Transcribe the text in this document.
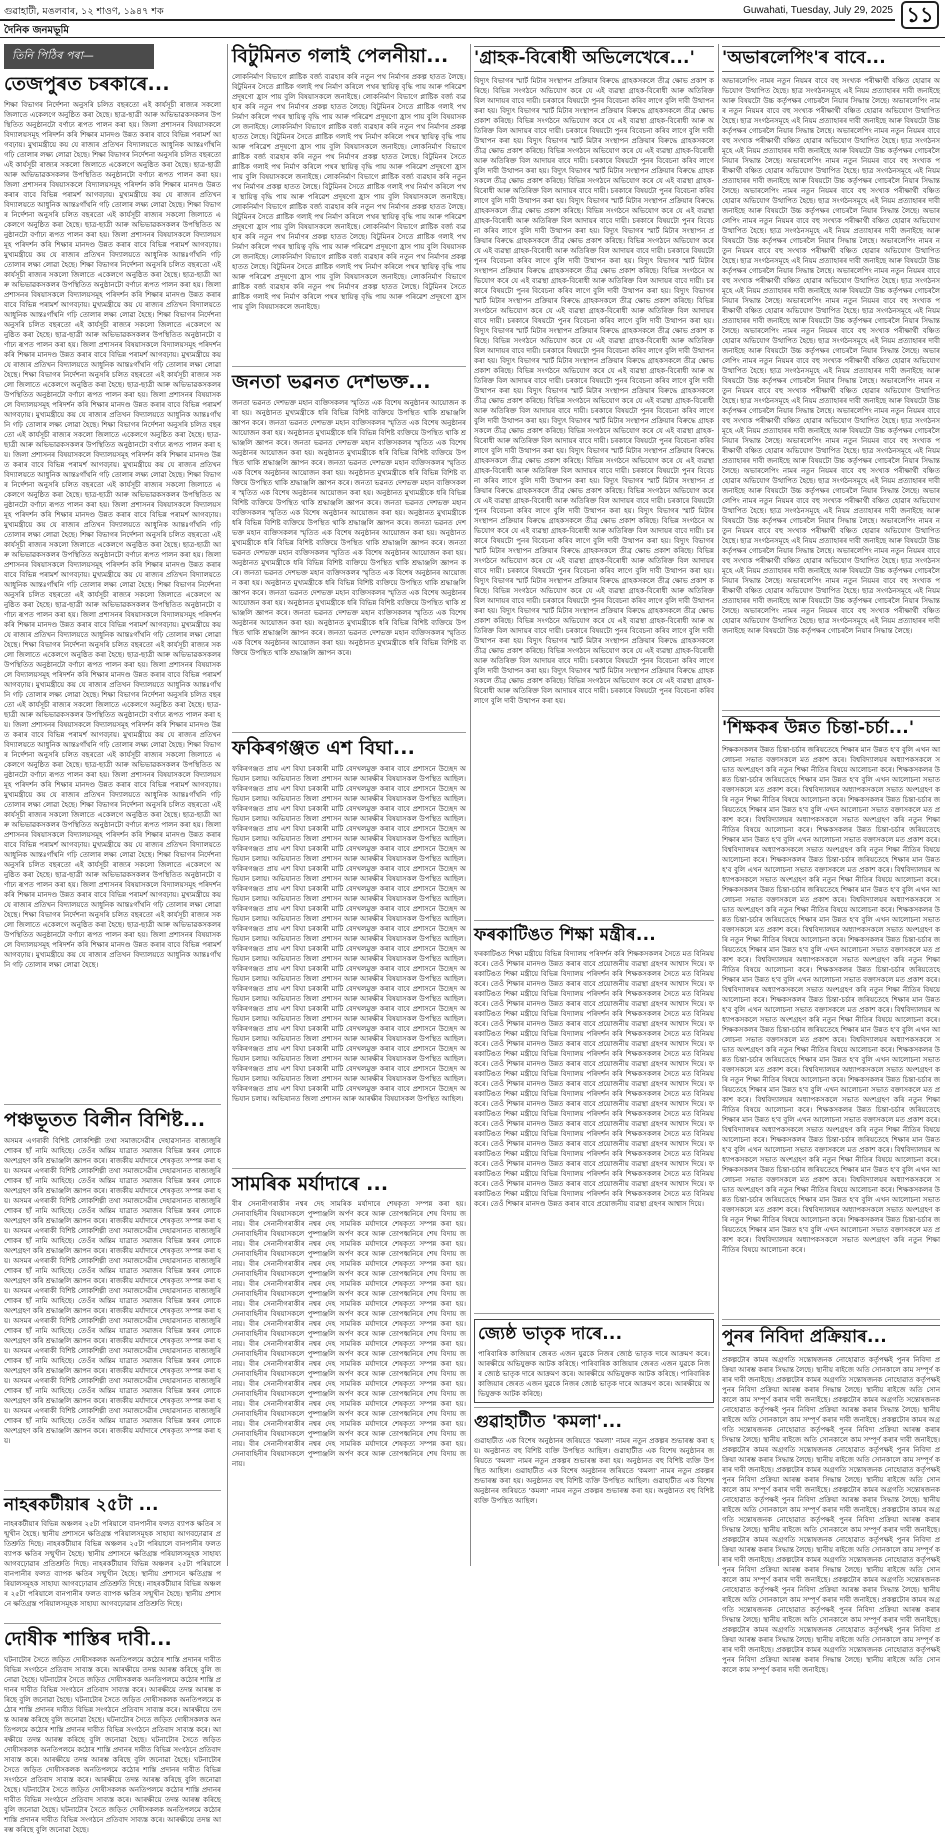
গুৱাহাটী, মঙলবাৰ, ১২ শাওণ, ১৯৪৭ শক
দৈনিক জনমভূমি
Guwahati, Tuesday, July 29, 2025 ১১
তিনি পিঠিৰ পৰা—
তেজপুৰত চৰকাৰে...
শিক্ষা বিভাগৰ নিৰ্দেশনা অনুসৰি চলিত বছৰতো এই কাৰ্যসূচী ৰাজ্যৰ সকলো জিলাতে একেলগে অনুষ্ঠিত কৰা হৈছে। ছাত্ৰ-ছাত্ৰী আৰু অভিভাৱকসকলৰ উপস্থিতিত অনুষ্ঠানটো বৰ্ণাঢ্য ৰূপত পালন কৰা হয়। জিলা প্ৰশাসনৰ বিষয়াসকলে বিদ্যালয়সমূহ পৰিদৰ্শন কৰি শিক্ষাৰ মানদণ্ড উন্নত কৰাৰ বাবে বিভিন্ন পৰামৰ্শ আগবঢ়ায়। মুখ্যমন্ত্ৰীয়ে কয় যে ৰাজ্যৰ প্ৰতিখন বিদ্যালয়তে আধুনিক আন্তঃগাঁথনি গঢ়ি তোলাৰ লক্ষ্য লোৱা হৈছে। শিক্ষা বিভাগৰ নিৰ্দেশনা অনুসৰি চলিত বছৰতো এই কাৰ্যসূচী ৰাজ্যৰ সকলো জিলাতে একেলগে অনুষ্ঠিত কৰা হৈছে। ছাত্ৰ-ছাত্ৰী আৰু অভিভাৱকসকলৰ উপস্থিতিত অনুষ্ঠানটো বৰ্ণাঢ্য ৰূপত পালন কৰা হয়। জিলা প্ৰশাসনৰ বিষয়াসকলে বিদ্যালয়সমূহ পৰিদৰ্শন কৰি শিক্ষাৰ মানদণ্ড উন্নত কৰাৰ বাবে বিভিন্ন পৰামৰ্শ আগবঢ়ায়। মুখ্যমন্ত্ৰীয়ে কয় যে ৰাজ্যৰ প্ৰতিখন বিদ্যালয়তে আধুনিক আন্তঃগাঁথনি গঢ়ি তোলাৰ লক্ষ্য লোৱা হৈছে। শিক্ষা বিভাগৰ নিৰ্দেশনা অনুসৰি চলিত বছৰতো এই কাৰ্যসূচী ৰাজ্যৰ সকলো জিলাতে একেলগে অনুষ্ঠিত কৰা হৈছে। ছাত্ৰ-ছাত্ৰী আৰু অভিভাৱকসকলৰ উপস্থিতিত অনুষ্ঠানটো বৰ্ণাঢ্য ৰূপত পালন কৰা হয়। জিলা প্ৰশাসনৰ বিষয়াসকলে বিদ্যালয়সমূহ পৰিদৰ্শন কৰি শিক্ষাৰ মানদণ্ড উন্নত কৰাৰ বাবে বিভিন্ন পৰামৰ্শ আগবঢ়ায়। মুখ্যমন্ত্ৰীয়ে কয় যে ৰাজ্যৰ প্ৰতিখন বিদ্যালয়তে আধুনিক আন্তঃগাঁথনি গঢ়ি তোলাৰ লক্ষ্য লোৱা হৈছে। শিক্ষা বিভাগৰ নিৰ্দেশনা অনুসৰি চলিত বছৰতো এই কাৰ্যসূচী ৰাজ্যৰ সকলো জিলাতে একেলগে অনুষ্ঠিত কৰা হৈছে। ছাত্ৰ-ছাত্ৰী আৰু অভিভাৱকসকলৰ উপস্থিতিত অনুষ্ঠানটো বৰ্ণাঢ্য ৰূপত পালন কৰা হয়। জিলা প্ৰশাসনৰ বিষয়াসকলে বিদ্যালয়সমূহ পৰিদৰ্শন কৰি শিক্ষাৰ মানদণ্ড উন্নত কৰাৰ বাবে বিভিন্ন পৰামৰ্শ আগবঢ়ায়। মুখ্যমন্ত্ৰীয়ে কয় যে ৰাজ্যৰ প্ৰতিখন বিদ্যালয়তে আধুনিক আন্তঃগাঁথনি গঢ়ি তোলাৰ লক্ষ্য লোৱা হৈছে। শিক্ষা বিভাগৰ নিৰ্দেশনা অনুসৰি চলিত বছৰতো এই কাৰ্যসূচী ৰাজ্যৰ সকলো জিলাতে একেলগে অনুষ্ঠিত কৰা হৈছে। ছাত্ৰ-ছাত্ৰী আৰু অভিভাৱকসকলৰ উপস্থিতিত অনুষ্ঠানটো বৰ্ণাঢ্য ৰূপত পালন কৰা হয়। জিলা প্ৰশাসনৰ বিষয়াসকলে বিদ্যালয়সমূহ পৰিদৰ্শন কৰি শিক্ষাৰ মানদণ্ড উন্নত কৰাৰ বাবে বিভিন্ন পৰামৰ্শ আগবঢ়ায়। মুখ্যমন্ত্ৰীয়ে কয় যে ৰাজ্যৰ প্ৰতিখন বিদ্যালয়তে আধুনিক আন্তঃগাঁথনি গঢ়ি তোলাৰ লক্ষ্য লোৱা হৈছে। শিক্ষা বিভাগৰ নিৰ্দেশনা অনুসৰি চলিত বছৰতো এই কাৰ্যসূচী ৰাজ্যৰ সকলো জিলাতে একেলগে অনুষ্ঠিত কৰা হৈছে। ছাত্ৰ-ছাত্ৰী আৰু অভিভাৱকসকলৰ উপস্থিতিত অনুষ্ঠানটো বৰ্ণাঢ্য ৰূপত পালন কৰা হয়। জিলা প্ৰশাসনৰ বিষয়াসকলে বিদ্যালয়সমূহ পৰিদৰ্শন কৰি শিক্ষাৰ মানদণ্ড উন্নত কৰাৰ বাবে বিভিন্ন পৰামৰ্শ আগবঢ়ায়। মুখ্যমন্ত্ৰীয়ে কয় যে ৰাজ্যৰ প্ৰতিখন বিদ্যালয়তে আধুনিক আন্তঃগাঁথনি গঢ়ি তোলাৰ লক্ষ্য লোৱা হৈছে। শিক্ষা বিভাগৰ নিৰ্দেশনা অনুসৰি চলিত বছৰতো এই কাৰ্যসূচী ৰাজ্যৰ সকলো জিলাতে একেলগে অনুষ্ঠিত কৰা হৈছে। ছাত্ৰ-ছাত্ৰী আৰু অভিভাৱকসকলৰ উপস্থিতিত অনুষ্ঠানটো বৰ্ণাঢ্য ৰূপত পালন কৰা হয়। জিলা প্ৰশাসনৰ বিষয়াসকলে বিদ্যালয়সমূহ পৰিদৰ্শন কৰি শিক্ষাৰ মানদণ্ড উন্নত কৰাৰ বাবে বিভিন্ন পৰামৰ্শ আগবঢ়ায়। মুখ্যমন্ত্ৰীয়ে কয় যে ৰাজ্যৰ প্ৰতিখন বিদ্যালয়তে আধুনিক আন্তঃগাঁথনি গঢ়ি তোলাৰ লক্ষ্য লোৱা হৈছে। শিক্ষা বিভাগৰ নিৰ্দেশনা অনুসৰি চলিত বছৰতো এই কাৰ্যসূচী ৰাজ্যৰ সকলো জিলাতে একেলগে অনুষ্ঠিত কৰা হৈছে। ছাত্ৰ-ছাত্ৰী আৰু অভিভাৱকসকলৰ উপস্থিতিত অনুষ্ঠানটো বৰ্ণাঢ্য ৰূপত পালন কৰা হয়। জিলা প্ৰশাসনৰ বিষয়াসকলে বিদ্যালয়সমূহ পৰিদৰ্শন কৰি শিক্ষাৰ মানদণ্ড উন্নত কৰাৰ বাবে বিভিন্ন পৰামৰ্শ আগবঢ়ায়। মুখ্যমন্ত্ৰীয়ে কয় যে ৰাজ্যৰ প্ৰতিখন বিদ্যালয়তে আধুনিক আন্তঃগাঁথনি গঢ়ি তোলাৰ লক্ষ্য লোৱা হৈছে। শিক্ষা বিভাগৰ নিৰ্দেশনা অনুসৰি চলিত বছৰতো এই কাৰ্যসূচী ৰাজ্যৰ সকলো জিলাতে একেলগে অনুষ্ঠিত কৰা হৈছে। ছাত্ৰ-ছাত্ৰী আৰু অভিভাৱকসকলৰ উপস্থিতিত অনুষ্ঠানটো বৰ্ণাঢ্য ৰূপত পালন কৰা হয়। জিলা প্ৰশাসনৰ বিষয়াসকলে বিদ্যালয়সমূহ পৰিদৰ্শন কৰি শিক্ষাৰ মানদণ্ড উন্নত কৰাৰ বাবে বিভিন্ন পৰামৰ্শ আগবঢ়ায়। মুখ্যমন্ত্ৰীয়ে কয় যে ৰাজ্যৰ প্ৰতিখন বিদ্যালয়তে আধুনিক আন্তঃগাঁথনি গঢ়ি তোলাৰ লক্ষ্য লোৱা হৈছে। শিক্ষা বিভাগৰ নিৰ্দেশনা অনুসৰি চলিত বছৰতো এই কাৰ্যসূচী ৰাজ্যৰ সকলো জিলাতে একেলগে অনুষ্ঠিত কৰা হৈছে। ছাত্ৰ-ছাত্ৰী আৰু অভিভাৱকসকলৰ উপস্থিতিত অনুষ্ঠানটো বৰ্ণাঢ্য ৰূপত পালন কৰা হয়। জিলা প্ৰশাসনৰ বিষয়াসকলে বিদ্যালয়সমূহ পৰিদৰ্শন কৰি শিক্ষাৰ মানদণ্ড উন্নত কৰাৰ বাবে বিভিন্ন পৰামৰ্শ আগবঢ়ায়। মুখ্যমন্ত্ৰীয়ে কয় যে ৰাজ্যৰ প্ৰতিখন বিদ্যালয়তে আধুনিক আন্তঃগাঁথনি গঢ়ি তোলাৰ লক্ষ্য লোৱা হৈছে। শিক্ষা বিভাগৰ নিৰ্দেশনা অনুসৰি চলিত বছৰতো এই কাৰ্যসূচী ৰাজ্যৰ সকলো জিলাতে একেলগে অনুষ্ঠিত কৰা হৈছে। ছাত্ৰ-ছাত্ৰী আৰু অভিভাৱকসকলৰ উপস্থিতিত অনুষ্ঠানটো বৰ্ণাঢ্য ৰূপত পালন কৰা হয়। জিলা প্ৰশাসনৰ বিষয়াসকলে বিদ্যালয়সমূহ পৰিদৰ্শন কৰি শিক্ষাৰ মানদণ্ড উন্নত কৰাৰ বাবে বিভিন্ন পৰামৰ্শ আগবঢ়ায়। মুখ্যমন্ত্ৰীয়ে কয় যে ৰাজ্যৰ প্ৰতিখন বিদ্যালয়তে আধুনিক আন্তঃগাঁথনি গঢ়ি তোলাৰ লক্ষ্য লোৱা হৈছে। শিক্ষা বিভাগৰ নিৰ্দেশনা অনুসৰি চলিত বছৰতো এই কাৰ্যসূচী ৰাজ্যৰ সকলো জিলাতে একেলগে অনুষ্ঠিত কৰা হৈছে। ছাত্ৰ-ছাত্ৰী আৰু অভিভাৱকসকলৰ উপস্থিতিত অনুষ্ঠানটো বৰ্ণাঢ্য ৰূপত পালন কৰা হয়। জিলা প্ৰশাসনৰ বিষয়াসকলে বিদ্যালয়সমূহ পৰিদৰ্শন কৰি শিক্ষাৰ মানদণ্ড উন্নত কৰাৰ বাবে বিভিন্ন পৰামৰ্শ আগবঢ়ায়। মুখ্যমন্ত্ৰীয়ে কয় যে ৰাজ্যৰ প্ৰতিখন বিদ্যালয়তে আধুনিক আন্তঃগাঁথনি গঢ়ি তোলাৰ লক্ষ্য লোৱা হৈছে। শিক্ষা বিভাগৰ নিৰ্দেশনা অনুসৰি চলিত বছৰতো এই কাৰ্যসূচী ৰাজ্যৰ সকলো জিলাতে একেলগে অনুষ্ঠিত কৰা হৈছে। ছাত্ৰ-ছাত্ৰী আৰু অভিভাৱকসকলৰ উপস্থিতিত অনুষ্ঠানটো বৰ্ণাঢ্য ৰূপত পালন কৰা হয়। জিলা প্ৰশাসনৰ বিষয়াসকলে বিদ্যালয়সমূহ পৰিদৰ্শন কৰি শিক্ষাৰ মানদণ্ড উন্নত কৰাৰ বাবে বিভিন্ন পৰামৰ্শ আগবঢ়ায়। মুখ্যমন্ত্ৰীয়ে কয় যে ৰাজ্যৰ প্ৰতিখন বিদ্যালয়তে আধুনিক আন্তঃগাঁথনি গঢ়ি তোলাৰ লক্ষ্য লোৱা হৈছে। শিক্ষা বিভাগৰ নিৰ্দেশনা অনুসৰি চলিত বছৰতো এই কাৰ্যসূচী ৰাজ্যৰ সকলো জিলাতে একেলগে অনুষ্ঠিত কৰা হৈছে। ছাত্ৰ-ছাত্ৰী আৰু অভিভাৱকসকলৰ উপস্থিতিত অনুষ্ঠানটো বৰ্ণাঢ্য ৰূপত পালন কৰা হয়। জিলা প্ৰশাসনৰ বিষয়াসকলে বিদ্যালয়সমূহ পৰিদৰ্শন কৰি শিক্ষাৰ মানদণ্ড উন্নত কৰাৰ বাবে বিভিন্ন পৰামৰ্শ আগবঢ়ায়। মুখ্যমন্ত্ৰীয়ে কয় যে ৰাজ্যৰ প্ৰতিখন বিদ্যালয়তে আধুনিক আন্তঃগাঁথনি গঢ়ি তোলাৰ লক্ষ্য লোৱা হৈছে। শিক্ষা বিভাগৰ নিৰ্দেশনা অনুসৰি চলিত বছৰতো এই কাৰ্যসূচী ৰাজ্যৰ সকলো জিলাতে একেলগে অনুষ্ঠিত কৰা হৈছে। ছাত্ৰ-ছাত্ৰী আৰু অভিভাৱকসকলৰ উপস্থিতিত অনুষ্ঠানটো বৰ্ণাঢ্য ৰূপত পালন কৰা হয়। জিলা প্ৰশাসনৰ বিষয়াসকলে বিদ্যালয়সমূহ পৰিদৰ্শন কৰি শিক্ষাৰ মানদণ্ড উন্নত কৰাৰ বাবে বিভিন্ন পৰামৰ্শ আগবঢ়ায়। মুখ্যমন্ত্ৰীয়ে কয় যে ৰাজ্যৰ প্ৰতিখন বিদ্যালয়তে আধুনিক আন্তঃগাঁথনি গঢ়ি তোলাৰ লক্ষ্য লোৱা হৈছে। শিক্ষা বিভাগৰ নিৰ্দেশনা অনুসৰি চলিত বছৰতো এই কাৰ্যসূচী ৰাজ্যৰ সকলো জিলাতে একেলগে অনুষ্ঠিত কৰা হৈছে। ছাত্ৰ-ছাত্ৰী আৰু অভিভাৱকসকলৰ উপস্থিতিত অনুষ্ঠানটো বৰ্ণাঢ্য ৰূপত পালন কৰা হয়। জিলা প্ৰশাসনৰ বিষয়াসকলে বিদ্যালয়সমূহ পৰিদৰ্শন কৰি শিক্ষাৰ মানদণ্ড উন্নত কৰাৰ বাবে বিভিন্ন পৰামৰ্শ আগবঢ়ায়। মুখ্যমন্ত্ৰীয়ে কয় যে ৰাজ্যৰ প্ৰতিখন বিদ্যালয়তে আধুনিক আন্তঃগাঁথনি গঢ়ি তোলাৰ লক্ষ্য লোৱা হৈছে।
পঞ্চভূতত বিলীন বিশিষ্ট...
অসমৰ এগৰাকী বিশিষ্ট লোকশিল্পী তথা সমাজসেৱীৰ দেহাৱসানত ৰাজ্যজুৰি শোকৰ ছাঁ নামি আহিছে। তেওঁৰ অন্তিম যাত্ৰাত সমাজৰ বিভিন্ন স্তৰৰ লোকে অংশগ্ৰহণ কৰি শ্ৰদ্ধাঞ্জলি জ্ঞাপন কৰে। ৰাজকীয় মৰ্যাদাৰে শেষকৃত্য সম্পন্ন কৰা হয়। অসমৰ এগৰাকী বিশিষ্ট লোকশিল্পী তথা সমাজসেৱীৰ দেহাৱসানত ৰাজ্যজুৰি শোকৰ ছাঁ নামি আহিছে। তেওঁৰ অন্তিম যাত্ৰাত সমাজৰ বিভিন্ন স্তৰৰ লোকে অংশগ্ৰহণ কৰি শ্ৰদ্ধাঞ্জলি জ্ঞাপন কৰে। ৰাজকীয় মৰ্যাদাৰে শেষকৃত্য সম্পন্ন কৰা হয়। অসমৰ এগৰাকী বিশিষ্ট লোকশিল্পী তথা সমাজসেৱীৰ দেহাৱসানত ৰাজ্যজুৰি শোকৰ ছাঁ নামি আহিছে। তেওঁৰ অন্তিম যাত্ৰাত সমাজৰ বিভিন্ন স্তৰৰ লোকে অংশগ্ৰহণ কৰি শ্ৰদ্ধাঞ্জলি জ্ঞাপন কৰে। ৰাজকীয় মৰ্যাদাৰে শেষকৃত্য সম্পন্ন কৰা হয়। অসমৰ এগৰাকী বিশিষ্ট লোকশিল্পী তথা সমাজসেৱীৰ দেহাৱসানত ৰাজ্যজুৰি শোকৰ ছাঁ নামি আহিছে। তেওঁৰ অন্তিম যাত্ৰাত সমাজৰ বিভিন্ন স্তৰৰ লোকে অংশগ্ৰহণ কৰি শ্ৰদ্ধাঞ্জলি জ্ঞাপন কৰে। ৰাজকীয় মৰ্যাদাৰে শেষকৃত্য সম্পন্ন কৰা হয়। অসমৰ এগৰাকী বিশিষ্ট লোকশিল্পী তথা সমাজসেৱীৰ দেহাৱসানত ৰাজ্যজুৰি শোকৰ ছাঁ নামি আহিছে। তেওঁৰ অন্তিম যাত্ৰাত সমাজৰ বিভিন্ন স্তৰৰ লোকে অংশগ্ৰহণ কৰি শ্ৰদ্ধাঞ্জলি জ্ঞাপন কৰে। ৰাজকীয় মৰ্যাদাৰে শেষকৃত্য সম্পন্ন কৰা হয়। অসমৰ এগৰাকী বিশিষ্ট লোকশিল্পী তথা সমাজসেৱীৰ দেহাৱসানত ৰাজ্যজুৰি শোকৰ ছাঁ নামি আহিছে। তেওঁৰ অন্তিম যাত্ৰাত সমাজৰ বিভিন্ন স্তৰৰ লোকে অংশগ্ৰহণ কৰি শ্ৰদ্ধাঞ্জলি জ্ঞাপন কৰে। ৰাজকীয় মৰ্যাদাৰে শেষকৃত্য সম্পন্ন কৰা হয়। অসমৰ এগৰাকী বিশিষ্ট লোকশিল্পী তথা সমাজসেৱীৰ দেহাৱসানত ৰাজ্যজুৰি শোকৰ ছাঁ নামি আহিছে। তেওঁৰ অন্তিম যাত্ৰাত সমাজৰ বিভিন্ন স্তৰৰ লোকে অংশগ্ৰহণ কৰি শ্ৰদ্ধাঞ্জলি জ্ঞাপন কৰে। ৰাজকীয় মৰ্যাদাৰে শেষকৃত্য সম্পন্ন কৰা হয়। অসমৰ এগৰাকী বিশিষ্ট লোকশিল্পী তথা সমাজসেৱীৰ দেহাৱসানত ৰাজ্যজুৰি শোকৰ ছাঁ নামি আহিছে। তেওঁৰ অন্তিম যাত্ৰাত সমাজৰ বিভিন্ন স্তৰৰ লোকে অংশগ্ৰহণ কৰি শ্ৰদ্ধাঞ্জলি জ্ঞাপন কৰে। ৰাজকীয় মৰ্যাদাৰে শেষকৃত্য সম্পন্ন কৰা হয়। অসমৰ এগৰাকী বিশিষ্ট লোকশিল্পী তথা সমাজসেৱীৰ দেহাৱসানত ৰাজ্যজুৰি শোকৰ ছাঁ নামি আহিছে। তেওঁৰ অন্তিম যাত্ৰাত সমাজৰ বিভিন্ন স্তৰৰ লোকে অংশগ্ৰহণ কৰি শ্ৰদ্ধাঞ্জলি জ্ঞাপন কৰে। ৰাজকীয় মৰ্যাদাৰে শেষকৃত্য সম্পন্ন কৰা হয়। অসমৰ এগৰাকী বিশিষ্ট লোকশিল্পী তথা সমাজসেৱীৰ দেহাৱসানত ৰাজ্যজুৰি শোকৰ ছাঁ নামি আহিছে। তেওঁৰ অন্তিম যাত্ৰাত সমাজৰ বিভিন্ন স্তৰৰ লোকে অংশগ্ৰহণ কৰি শ্ৰদ্ধাঞ্জলি জ্ঞাপন কৰে। ৰাজকীয় মৰ্যাদাৰে শেষকৃত্য সম্পন্ন কৰা হয়।
নাহৰকটীয়াৰ ২৫টা ...
নাহৰকটীয়াৰ বিভিন্ন অঞ্চলৰ ২৫টা পৰিয়ালে বানপানীৰ ফলত ব্যাপক ক্ষতিৰ সন্মুখীন হৈছে। স্থানীয় প্ৰশাসনে ক্ষতিগ্ৰস্ত পৰিয়ালসমূহক সাহায্য আগবঢ়োৱাৰ প্ৰতিশ্ৰুতি দিছে। নাহৰকটীয়াৰ বিভিন্ন অঞ্চলৰ ২৫টা পৰিয়ালে বানপানীৰ ফলত ব্যাপক ক্ষতিৰ সন্মুখীন হৈছে। স্থানীয় প্ৰশাসনে ক্ষতিগ্ৰস্ত পৰিয়ালসমূহক সাহায্য আগবঢ়োৱাৰ প্ৰতিশ্ৰুতি দিছে। নাহৰকটীয়াৰ বিভিন্ন অঞ্চলৰ ২৫টা পৰিয়ালে বানপানীৰ ফলত ব্যাপক ক্ষতিৰ সন্মুখীন হৈছে। স্থানীয় প্ৰশাসনে ক্ষতিগ্ৰস্ত পৰিয়ালসমূহক সাহায্য আগবঢ়োৱাৰ প্ৰতিশ্ৰুতি দিছে। নাহৰকটীয়াৰ বিভিন্ন অঞ্চলৰ ২৫টা পৰিয়ালে বানপানীৰ ফলত ব্যাপক ক্ষতিৰ সন্মুখীন হৈছে। স্থানীয় প্ৰশাসনে ক্ষতিগ্ৰস্ত পৰিয়ালসমূহক সাহায্য আগবঢ়োৱাৰ প্ৰতিশ্ৰুতি দিছে।
দোষীক শাস্তিৰ দাবী...
ঘটনাটোৰ সৈতে জড়িত দোষীসকলক অনতিপলমে কঠোৰ শাস্তি প্ৰদানৰ দাবীত বিভিন্ন সংগঠনে প্ৰতিবাদ সাব্যস্ত কৰে। আৰক্ষীয়ে তদন্ত আৰম্ভ কৰিছে বুলি জনোৱা হৈছে। ঘটনাটোৰ সৈতে জড়িত দোষীসকলক অনতিপলমে কঠোৰ শাস্তি প্ৰদানৰ দাবীত বিভিন্ন সংগঠনে প্ৰতিবাদ সাব্যস্ত কৰে। আৰক্ষীয়ে তদন্ত আৰম্ভ কৰিছে বুলি জনোৱা হৈছে। ঘটনাটোৰ সৈতে জড়িত দোষীসকলক অনতিপলমে কঠোৰ শাস্তি প্ৰদানৰ দাবীত বিভিন্ন সংগঠনে প্ৰতিবাদ সাব্যস্ত কৰে। আৰক্ষীয়ে তদন্ত আৰম্ভ কৰিছে বুলি জনোৱা হৈছে। ঘটনাটোৰ সৈতে জড়িত দোষীসকলক অনতিপলমে কঠোৰ শাস্তি প্ৰদানৰ দাবীত বিভিন্ন সংগঠনে প্ৰতিবাদ সাব্যস্ত কৰে। আৰক্ষীয়ে তদন্ত আৰম্ভ কৰিছে বুলি জনোৱা হৈছে। ঘটনাটোৰ সৈতে জড়িত দোষীসকলক অনতিপলমে কঠোৰ শাস্তি প্ৰদানৰ দাবীত বিভিন্ন সংগঠনে প্ৰতিবাদ সাব্যস্ত কৰে। আৰক্ষীয়ে তদন্ত আৰম্ভ কৰিছে বুলি জনোৱা হৈছে। ঘটনাটোৰ সৈতে জড়িত দোষীসকলক অনতিপলমে কঠোৰ শাস্তি প্ৰদানৰ দাবীত বিভিন্ন সংগঠনে প্ৰতিবাদ সাব্যস্ত কৰে। আৰক্ষীয়ে তদন্ত আৰম্ভ কৰিছে বুলি জনোৱা হৈছে। ঘটনাটোৰ সৈতে জড়িত দোষীসকলক অনতিপলমে কঠোৰ শাস্তি প্ৰদানৰ দাবীত বিভিন্ন সংগঠনে প্ৰতিবাদ সাব্যস্ত কৰে। আৰক্ষীয়ে তদন্ত আৰম্ভ কৰিছে বুলি জনোৱা হৈছে। ঘটনাটোৰ সৈতে জড়িত দোষীসকলক অনতিপলমে কঠোৰ শাস্তি প্ৰদানৰ দাবীত বিভিন্ন সংগঠনে প্ৰতিবাদ সাব্যস্ত কৰে। আৰক্ষীয়ে তদন্ত আৰম্ভ কৰিছে বুলি জনোৱা হৈছে।
বিটুমিনত গলাই পেলনীয়া...
লোকনিৰ্মাণ বিভাগে প্লাষ্টিক বৰ্জ্য ব্যৱহাৰ কৰি নতুন পথ নিৰ্মাণৰ প্ৰকল্প হাতত লৈছে। বিটুমিনৰ সৈতে প্লাষ্টিক গলাই পথ নিৰ্মাণ কৰিলে পথৰ স্থায়িত্ব বৃদ্ধি পায় আৰু পৰিৱেশ প্ৰদূষণো হ্ৰাস পায় বুলি বিষয়াসকলে জনাইছে। লোকনিৰ্মাণ বিভাগে প্লাষ্টিক বৰ্জ্য ব্যৱহাৰ কৰি নতুন পথ নিৰ্মাণৰ প্ৰকল্প হাতত লৈছে। বিটুমিনৰ সৈতে প্লাষ্টিক গলাই পথ নিৰ্মাণ কৰিলে পথৰ স্থায়িত্ব বৃদ্ধি পায় আৰু পৰিৱেশ প্ৰদূষণো হ্ৰাস পায় বুলি বিষয়াসকলে জনাইছে। লোকনিৰ্মাণ বিভাগে প্লাষ্টিক বৰ্জ্য ব্যৱহাৰ কৰি নতুন পথ নিৰ্মাণৰ প্ৰকল্প হাতত লৈছে। বিটুমিনৰ সৈতে প্লাষ্টিক গলাই পথ নিৰ্মাণ কৰিলে পথৰ স্থায়িত্ব বৃদ্ধি পায় আৰু পৰিৱেশ প্ৰদূষণো হ্ৰাস পায় বুলি বিষয়াসকলে জনাইছে। লোকনিৰ্মাণ বিভাগে প্লাষ্টিক বৰ্জ্য ব্যৱহাৰ কৰি নতুন পথ নিৰ্মাণৰ প্ৰকল্প হাতত লৈছে। বিটুমিনৰ সৈতে প্লাষ্টিক গলাই পথ নিৰ্মাণ কৰিলে পথৰ স্থায়িত্ব বৃদ্ধি পায় আৰু পৰিৱেশ প্ৰদূষণো হ্ৰাস পায় বুলি বিষয়াসকলে জনাইছে। লোকনিৰ্মাণ বিভাগে প্লাষ্টিক বৰ্জ্য ব্যৱহাৰ কৰি নতুন পথ নিৰ্মাণৰ প্ৰকল্প হাতত লৈছে। বিটুমিনৰ সৈতে প্লাষ্টিক গলাই পথ নিৰ্মাণ কৰিলে পথৰ স্থায়িত্ব বৃদ্ধি পায় আৰু পৰিৱেশ প্ৰদূষণো হ্ৰাস পায় বুলি বিষয়াসকলে জনাইছে। লোকনিৰ্মাণ বিভাগে প্লাষ্টিক বৰ্জ্য ব্যৱহাৰ কৰি নতুন পথ নিৰ্মাণৰ প্ৰকল্প হাতত লৈছে। বিটুমিনৰ সৈতে প্লাষ্টিক গলাই পথ নিৰ্মাণ কৰিলে পথৰ স্থায়িত্ব বৃদ্ধি পায় আৰু পৰিৱেশ প্ৰদূষণো হ্ৰাস পায় বুলি বিষয়াসকলে জনাইছে। লোকনিৰ্মাণ বিভাগে প্লাষ্টিক বৰ্জ্য ব্যৱহাৰ কৰি নতুন পথ নিৰ্মাণৰ প্ৰকল্প হাতত লৈছে। বিটুমিনৰ সৈতে প্লাষ্টিক গলাই পথ নিৰ্মাণ কৰিলে পথৰ স্থায়িত্ব বৃদ্ধি পায় আৰু পৰিৱেশ প্ৰদূষণো হ্ৰাস পায় বুলি বিষয়াসকলে জনাইছে। লোকনিৰ্মাণ বিভাগে প্লাষ্টিক বৰ্জ্য ব্যৱহাৰ কৰি নতুন পথ নিৰ্মাণৰ প্ৰকল্প হাতত লৈছে। বিটুমিনৰ সৈতে প্লাষ্টিক গলাই পথ নিৰ্মাণ কৰিলে পথৰ স্থায়িত্ব বৃদ্ধি পায় আৰু পৰিৱেশ প্ৰদূষণো হ্ৰাস পায় বুলি বিষয়াসকলে জনাইছে। লোকনিৰ্মাণ বিভাগে প্লাষ্টিক বৰ্জ্য ব্যৱহাৰ কৰি নতুন পথ নিৰ্মাণৰ প্ৰকল্প হাতত লৈছে। বিটুমিনৰ সৈতে প্লাষ্টিক গলাই পথ নিৰ্মাণ কৰিলে পথৰ স্থায়িত্ব বৃদ্ধি পায় আৰু পৰিৱেশ প্ৰদূষণো হ্ৰাস পায় বুলি বিষয়াসকলে জনাইছে।
জনতা ভৱনত দেশভক্ত...
জনতা ভৱনত দেশভক্ত মহান ব্যক্তিসকলৰ স্মৃতিত এক বিশেষ অনুষ্ঠানৰ আয়োজন কৰা হয়। অনুষ্ঠানত মুখ্যমন্ত্ৰীকে ধৰি বিভিন্ন বিশিষ্ট ব্যক্তিয়ে উপস্থিত থাকি শ্ৰদ্ধাঞ্জলি জ্ঞাপন কৰে। জনতা ভৱনত দেশভক্ত মহান ব্যক্তিসকলৰ স্মৃতিত এক বিশেষ অনুষ্ঠানৰ আয়োজন কৰা হয়। অনুষ্ঠানত মুখ্যমন্ত্ৰীকে ধৰি বিভিন্ন বিশিষ্ট ব্যক্তিয়ে উপস্থিত থাকি শ্ৰদ্ধাঞ্জলি জ্ঞাপন কৰে। জনতা ভৱনত দেশভক্ত মহান ব্যক্তিসকলৰ স্মৃতিত এক বিশেষ অনুষ্ঠানৰ আয়োজন কৰা হয়। অনুষ্ঠানত মুখ্যমন্ত্ৰীকে ধৰি বিভিন্ন বিশিষ্ট ব্যক্তিয়ে উপস্থিত থাকি শ্ৰদ্ধাঞ্জলি জ্ঞাপন কৰে। জনতা ভৱনত দেশভক্ত মহান ব্যক্তিসকলৰ স্মৃতিত এক বিশেষ অনুষ্ঠানৰ আয়োজন কৰা হয়। অনুষ্ঠানত মুখ্যমন্ত্ৰীকে ধৰি বিভিন্ন বিশিষ্ট ব্যক্তিয়ে উপস্থিত থাকি শ্ৰদ্ধাঞ্জলি জ্ঞাপন কৰে। জনতা ভৱনত দেশভক্ত মহান ব্যক্তিসকলৰ স্মৃতিত এক বিশেষ অনুষ্ঠানৰ আয়োজন কৰা হয়। অনুষ্ঠানত মুখ্যমন্ত্ৰীকে ধৰি বিভিন্ন বিশিষ্ট ব্যক্তিয়ে উপস্থিত থাকি শ্ৰদ্ধাঞ্জলি জ্ঞাপন কৰে। জনতা ভৱনত দেশভক্ত মহান ব্যক্তিসকলৰ স্মৃতিত এক বিশেষ অনুষ্ঠানৰ আয়োজন কৰা হয়। অনুষ্ঠানত মুখ্যমন্ত্ৰীকে ধৰি বিভিন্ন বিশিষ্ট ব্যক্তিয়ে উপস্থিত থাকি শ্ৰদ্ধাঞ্জলি জ্ঞাপন কৰে। জনতা ভৱনত দেশভক্ত মহান ব্যক্তিসকলৰ স্মৃতিত এক বিশেষ অনুষ্ঠানৰ আয়োজন কৰা হয়। অনুষ্ঠানত মুখ্যমন্ত্ৰীকে ধৰি বিভিন্ন বিশিষ্ট ব্যক্তিয়ে উপস্থিত থাকি শ্ৰদ্ধাঞ্জলি জ্ঞাপন কৰে। জনতা ভৱনত দেশভক্ত মহান ব্যক্তিসকলৰ স্মৃতিত এক বিশেষ অনুষ্ঠানৰ আয়োজন কৰা হয়। অনুষ্ঠানত মুখ্যমন্ত্ৰীকে ধৰি বিভিন্ন বিশিষ্ট ব্যক্তিয়ে উপস্থিত থাকি শ্ৰদ্ধাঞ্জলি জ্ঞাপন কৰে। জনতা ভৱনত দেশভক্ত মহান ব্যক্তিসকলৰ স্মৃতিত এক বিশেষ অনুষ্ঠানৰ আয়োজন কৰা হয়। অনুষ্ঠানত মুখ্যমন্ত্ৰীকে ধৰি বিভিন্ন বিশিষ্ট ব্যক্তিয়ে উপস্থিত থাকি শ্ৰদ্ধাঞ্জলি জ্ঞাপন কৰে। জনতা ভৱনত দেশভক্ত মহান ব্যক্তিসকলৰ স্মৃতিত এক বিশেষ অনুষ্ঠানৰ আয়োজন কৰা হয়। অনুষ্ঠানত মুখ্যমন্ত্ৰীকে ধৰি বিভিন্ন বিশিষ্ট ব্যক্তিয়ে উপস্থিত থাকি শ্ৰদ্ধাঞ্জলি জ্ঞাপন কৰে। জনতা ভৱনত দেশভক্ত মহান ব্যক্তিসকলৰ স্মৃতিত এক বিশেষ অনুষ্ঠানৰ আয়োজন কৰা হয়। অনুষ্ঠানত মুখ্যমন্ত্ৰীকে ধৰি বিভিন্ন বিশিষ্ট ব্যক্তিয়ে উপস্থিত থাকি শ্ৰদ্ধাঞ্জলি জ্ঞাপন কৰে। জনতা ভৱনত দেশভক্ত মহান ব্যক্তিসকলৰ স্মৃতিত এক বিশেষ অনুষ্ঠানৰ আয়োজন কৰা হয়। অনুষ্ঠানত মুখ্যমন্ত্ৰীকে ধৰি বিভিন্ন বিশিষ্ট ব্যক্তিয়ে উপস্থিত থাকি শ্ৰদ্ধাঞ্জলি জ্ঞাপন কৰে।
ফকিৰগঞ্জত এশ বিঘা...
ফকিৰগঞ্জত প্ৰায় এশ বিঘা চৰকাৰী মাটি বেদখলমুক্ত কৰাৰ বাবে প্ৰশাসনে উচ্ছেদ অভিযান চলায়। অভিযানত জিলা প্ৰশাসন আৰু আৰক্ষীৰ বিষয়াসকল উপস্থিত আছিল। ফকিৰগঞ্জত প্ৰায় এশ বিঘা চৰকাৰী মাটি বেদখলমুক্ত কৰাৰ বাবে প্ৰশাসনে উচ্ছেদ অভিযান চলায়। অভিযানত জিলা প্ৰশাসন আৰু আৰক্ষীৰ বিষয়াসকল উপস্থিত আছিল। ফকিৰগঞ্জত প্ৰায় এশ বিঘা চৰকাৰী মাটি বেদখলমুক্ত কৰাৰ বাবে প্ৰশাসনে উচ্ছেদ অভিযান চলায়। অভিযানত জিলা প্ৰশাসন আৰু আৰক্ষীৰ বিষয়াসকল উপস্থিত আছিল। ফকিৰগঞ্জত প্ৰায় এশ বিঘা চৰকাৰী মাটি বেদখলমুক্ত কৰাৰ বাবে প্ৰশাসনে উচ্ছেদ অভিযান চলায়। অভিযানত জিলা প্ৰশাসন আৰু আৰক্ষীৰ বিষয়াসকল উপস্থিত আছিল। ফকিৰগঞ্জত প্ৰায় এশ বিঘা চৰকাৰী মাটি বেদখলমুক্ত কৰাৰ বাবে প্ৰশাসনে উচ্ছেদ অভিযান চলায়। অভিযানত জিলা প্ৰশাসন আৰু আৰক্ষীৰ বিষয়াসকল উপস্থিত আছিল। ফকিৰগঞ্জত প্ৰায় এশ বিঘা চৰকাৰী মাটি বেদখলমুক্ত কৰাৰ বাবে প্ৰশাসনে উচ্ছেদ অভিযান চলায়। অভিযানত জিলা প্ৰশাসন আৰু আৰক্ষীৰ বিষয়াসকল উপস্থিত আছিল। ফকিৰগঞ্জত প্ৰায় এশ বিঘা চৰকাৰী মাটি বেদখলমুক্ত কৰাৰ বাবে প্ৰশাসনে উচ্ছেদ অভিযান চলায়। অভিযানত জিলা প্ৰশাসন আৰু আৰক্ষীৰ বিষয়াসকল উপস্থিত আছিল। ফকিৰগঞ্জত প্ৰায় এশ বিঘা চৰকাৰী মাটি বেদখলমুক্ত কৰাৰ বাবে প্ৰশাসনে উচ্ছেদ অভিযান চলায়। অভিযানত জিলা প্ৰশাসন আৰু আৰক্ষীৰ বিষয়াসকল উপস্থিত আছিল। ফকিৰগঞ্জত প্ৰায় এশ বিঘা চৰকাৰী মাটি বেদখলমুক্ত কৰাৰ বাবে প্ৰশাসনে উচ্ছেদ অভিযান চলায়। অভিযানত জিলা প্ৰশাসন আৰু আৰক্ষীৰ বিষয়াসকল উপস্থিত আছিল। ফকিৰগঞ্জত প্ৰায় এশ বিঘা চৰকাৰী মাটি বেদখলমুক্ত কৰাৰ বাবে প্ৰশাসনে উচ্ছেদ অভিযান চলায়। অভিযানত জিলা প্ৰশাসন আৰু আৰক্ষীৰ বিষয়াসকল উপস্থিত আছিল। ফকিৰগঞ্জত প্ৰায় এশ বিঘা চৰকাৰী মাটি বেদখলমুক্ত কৰাৰ বাবে প্ৰশাসনে উচ্ছেদ অভিযান চলায়। অভিযানত জিলা প্ৰশাসন আৰু আৰক্ষীৰ বিষয়াসকল উপস্থিত আছিল। ফকিৰগঞ্জত প্ৰায় এশ বিঘা চৰকাৰী মাটি বেদখলমুক্ত কৰাৰ বাবে প্ৰশাসনে উচ্ছেদ অভিযান চলায়। অভিযানত জিলা প্ৰশাসন আৰু আৰক্ষীৰ বিষয়াসকল উপস্থিত আছিল। ফকিৰগঞ্জত প্ৰায় এশ বিঘা চৰকাৰী মাটি বেদখলমুক্ত কৰাৰ বাবে প্ৰশাসনে উচ্ছেদ অভিযান চলায়। অভিযানত জিলা প্ৰশাসন আৰু আৰক্ষীৰ বিষয়াসকল উপস্থিত আছিল। ফকিৰগঞ্জত প্ৰায় এশ বিঘা চৰকাৰী মাটি বেদখলমুক্ত কৰাৰ বাবে প্ৰশাসনে উচ্ছেদ অভিযান চলায়। অভিযানত জিলা প্ৰশাসন আৰু আৰক্ষীৰ বিষয়াসকল উপস্থিত আছিল। ফকিৰগঞ্জত প্ৰায় এশ বিঘা চৰকাৰী মাটি বেদখলমুক্ত কৰাৰ বাবে প্ৰশাসনে উচ্ছেদ অভিযান চলায়। অভিযানত জিলা প্ৰশাসন আৰু আৰক্ষীৰ বিষয়াসকল উপস্থিত আছিল। ফকিৰগঞ্জত প্ৰায় এশ বিঘা চৰকাৰী মাটি বেদখলমুক্ত কৰাৰ বাবে প্ৰশাসনে উচ্ছেদ অভিযান চলায়। অভিযানত জিলা প্ৰশাসন আৰু আৰক্ষীৰ বিষয়াসকল উপস্থিত আছিল। ফকিৰগঞ্জত প্ৰায় এশ বিঘা চৰকাৰী মাটি বেদখলমুক্ত কৰাৰ বাবে প্ৰশাসনে উচ্ছেদ অভিযান চলায়। অভিযানত জিলা প্ৰশাসন আৰু আৰক্ষীৰ বিষয়াসকল উপস্থিত আছিল।
সামৰিক মৰ্যাদাৰে ...
বীৰ সেনানীগৰাকীৰ নশ্বৰ দেহ সামৰিক মৰ্যাদাৰে শেষকৃত্য সম্পন্ন কৰা হয়। সেনাবাহিনীৰ বিষয়াসকলে পুষ্পাঞ্জলি অৰ্পণ কৰে আৰু তোপধ্বনিৰে শেষ বিদায় জনায়। বীৰ সেনানীগৰাকীৰ নশ্বৰ দেহ সামৰিক মৰ্যাদাৰে শেষকৃত্য সম্পন্ন কৰা হয়। সেনাবাহিনীৰ বিষয়াসকলে পুষ্পাঞ্জলি অৰ্পণ কৰে আৰু তোপধ্বনিৰে শেষ বিদায় জনায়। বীৰ সেনানীগৰাকীৰ নশ্বৰ দেহ সামৰিক মৰ্যাদাৰে শেষকৃত্য সম্পন্ন কৰা হয়। সেনাবাহিনীৰ বিষয়াসকলে পুষ্পাঞ্জলি অৰ্পণ কৰে আৰু তোপধ্বনিৰে শেষ বিদায় জনায়। বীৰ সেনানীগৰাকীৰ নশ্বৰ দেহ সামৰিক মৰ্যাদাৰে শেষকৃত্য সম্পন্ন কৰা হয়। সেনাবাহিনীৰ বিষয়াসকলে পুষ্পাঞ্জলি অৰ্পণ কৰে আৰু তোপধ্বনিৰে শেষ বিদায় জনায়। বীৰ সেনানীগৰাকীৰ নশ্বৰ দেহ সামৰিক মৰ্যাদাৰে শেষকৃত্য সম্পন্ন কৰা হয়। সেনাবাহিনীৰ বিষয়াসকলে পুষ্পাঞ্জলি অৰ্পণ কৰে আৰু তোপধ্বনিৰে শেষ বিদায় জনায়। বীৰ সেনানীগৰাকীৰ নশ্বৰ দেহ সামৰিক মৰ্যাদাৰে শেষকৃত্য সম্পন্ন কৰা হয়। সেনাবাহিনীৰ বিষয়াসকলে পুষ্পাঞ্জলি অৰ্পণ কৰে আৰু তোপধ্বনিৰে শেষ বিদায় জনায়। বীৰ সেনানীগৰাকীৰ নশ্বৰ দেহ সামৰিক মৰ্যাদাৰে শেষকৃত্য সম্পন্ন কৰা হয়। সেনাবাহিনীৰ বিষয়াসকলে পুষ্পাঞ্জলি অৰ্পণ কৰে আৰু তোপধ্বনিৰে শেষ বিদায় জনায়। বীৰ সেনানীগৰাকীৰ নশ্বৰ দেহ সামৰিক মৰ্যাদাৰে শেষকৃত্য সম্পন্ন কৰা হয়। সেনাবাহিনীৰ বিষয়াসকলে পুষ্পাঞ্জলি অৰ্পণ কৰে আৰু তোপধ্বনিৰে শেষ বিদায় জনায়। বীৰ সেনানীগৰাকীৰ নশ্বৰ দেহ সামৰিক মৰ্যাদাৰে শেষকৃত্য সম্পন্ন কৰা হয়। সেনাবাহিনীৰ বিষয়াসকলে পুষ্পাঞ্জলি অৰ্পণ কৰে আৰু তোপধ্বনিৰে শেষ বিদায় জনায়। বীৰ সেনানীগৰাকীৰ নশ্বৰ দেহ সামৰিক মৰ্যাদাৰে শেষকৃত্য সম্পন্ন কৰা হয়। সেনাবাহিনীৰ বিষয়াসকলে পুষ্পাঞ্জলি অৰ্পণ কৰে আৰু তোপধ্বনিৰে শেষ বিদায় জনায়। বীৰ সেনানীগৰাকীৰ নশ্বৰ দেহ সামৰিক মৰ্যাদাৰে শেষকৃত্য সম্পন্ন কৰা হয়। সেনাবাহিনীৰ বিষয়াসকলে পুষ্পাঞ্জলি অৰ্পণ কৰে আৰু তোপধ্বনিৰে শেষ বিদায় জনায়। বীৰ সেনানীগৰাকীৰ নশ্বৰ দেহ সামৰিক মৰ্যাদাৰে শেষকৃত্য সম্পন্ন কৰা হয়। সেনাবাহিনীৰ বিষয়াসকলে পুষ্পাঞ্জলি অৰ্পণ কৰে আৰু তোপধ্বনিৰে শেষ বিদায় জনায়। বীৰ সেনানীগৰাকীৰ নশ্বৰ দেহ সামৰিক মৰ্যাদাৰে শেষকৃত্য সম্পন্ন কৰা হয়। সেনাবাহিনীৰ বিষয়াসকলে পুষ্পাঞ্জলি অৰ্পণ কৰে আৰু তোপধ্বনিৰে শেষ বিদায় জনায়।
'গ্ৰাহক-বিৰোধী অভিলেখেৰে...'
বিদ্যুৎ বিভাগৰ স্মাৰ্ট মিটাৰ সংস্থাপন প্ৰক্ৰিয়াৰ বিৰুদ্ধে গ্ৰাহকসকলে তীব্ৰ ক্ষোভ প্ৰকাশ কৰিছে। বিভিন্ন সংগঠনে অভিযোগ কৰে যে এই ব্যৱস্থা গ্ৰাহক-বিৰোধী আৰু অতিৰিক্ত বিল আদায়ৰ বাবে দায়ী। চৰকাৰে বিষয়টো পুনৰ বিবেচনা কৰিব লাগে বুলি দাবী উত্থাপন কৰা হয়। বিদ্যুৎ বিভাগৰ স্মাৰ্ট মিটাৰ সংস্থাপন প্ৰক্ৰিয়াৰ বিৰুদ্ধে গ্ৰাহকসকলে তীব্ৰ ক্ষোভ প্ৰকাশ কৰিছে। বিভিন্ন সংগঠনে অভিযোগ কৰে যে এই ব্যৱস্থা গ্ৰাহক-বিৰোধী আৰু অতিৰিক্ত বিল আদায়ৰ বাবে দায়ী। চৰকাৰে বিষয়টো পুনৰ বিবেচনা কৰিব লাগে বুলি দাবী উত্থাপন কৰা হয়। বিদ্যুৎ বিভাগৰ স্মাৰ্ট মিটাৰ সংস্থাপন প্ৰক্ৰিয়াৰ বিৰুদ্ধে গ্ৰাহকসকলে তীব্ৰ ক্ষোভ প্ৰকাশ কৰিছে। বিভিন্ন সংগঠনে অভিযোগ কৰে যে এই ব্যৱস্থা গ্ৰাহক-বিৰোধী আৰু অতিৰিক্ত বিল আদায়ৰ বাবে দায়ী। চৰকাৰে বিষয়টো পুনৰ বিবেচনা কৰিব লাগে বুলি দাবী উত্থাপন কৰা হয়। বিদ্যুৎ বিভাগৰ স্মাৰ্ট মিটাৰ সংস্থাপন প্ৰক্ৰিয়াৰ বিৰুদ্ধে গ্ৰাহকসকলে তীব্ৰ ক্ষোভ প্ৰকাশ কৰিছে। বিভিন্ন সংগঠনে অভিযোগ কৰে যে এই ব্যৱস্থা গ্ৰাহক-বিৰোধী আৰু অতিৰিক্ত বিল আদায়ৰ বাবে দায়ী। চৰকাৰে বিষয়টো পুনৰ বিবেচনা কৰিব লাগে বুলি দাবী উত্থাপন কৰা হয়। বিদ্যুৎ বিভাগৰ স্মাৰ্ট মিটাৰ সংস্থাপন প্ৰক্ৰিয়াৰ বিৰুদ্ধে গ্ৰাহকসকলে তীব্ৰ ক্ষোভ প্ৰকাশ কৰিছে। বিভিন্ন সংগঠনে অভিযোগ কৰে যে এই ব্যৱস্থা গ্ৰাহক-বিৰোধী আৰু অতিৰিক্ত বিল আদায়ৰ বাবে দায়ী। চৰকাৰে বিষয়টো পুনৰ বিবেচনা কৰিব লাগে বুলি দাবী উত্থাপন কৰা হয়। বিদ্যুৎ বিভাগৰ স্মাৰ্ট মিটাৰ সংস্থাপন প্ৰক্ৰিয়াৰ বিৰুদ্ধে গ্ৰাহকসকলে তীব্ৰ ক্ষোভ প্ৰকাশ কৰিছে। বিভিন্ন সংগঠনে অভিযোগ কৰে যে এই ব্যৱস্থা গ্ৰাহক-বিৰোধী আৰু অতিৰিক্ত বিল আদায়ৰ বাবে দায়ী। চৰকাৰে বিষয়টো পুনৰ বিবেচনা কৰিব লাগে বুলি দাবী উত্থাপন কৰা হয়। বিদ্যুৎ বিভাগৰ স্মাৰ্ট মিটাৰ সংস্থাপন প্ৰক্ৰিয়াৰ বিৰুদ্ধে গ্ৰাহকসকলে তীব্ৰ ক্ষোভ প্ৰকাশ কৰিছে। বিভিন্ন সংগঠনে অভিযোগ কৰে যে এই ব্যৱস্থা গ্ৰাহক-বিৰোধী আৰু অতিৰিক্ত বিল আদায়ৰ বাবে দায়ী। চৰকাৰে বিষয়টো পুনৰ বিবেচনা কৰিব লাগে বুলি দাবী উত্থাপন কৰা হয়। বিদ্যুৎ বিভাগৰ স্মাৰ্ট মিটাৰ সংস্থাপন প্ৰক্ৰিয়াৰ বিৰুদ্ধে গ্ৰাহকসকলে তীব্ৰ ক্ষোভ প্ৰকাশ কৰিছে। বিভিন্ন সংগঠনে অভিযোগ কৰে যে এই ব্যৱস্থা গ্ৰাহক-বিৰোধী আৰু অতিৰিক্ত বিল আদায়ৰ বাবে দায়ী। চৰকাৰে বিষয়টো পুনৰ বিবেচনা কৰিব লাগে বুলি দাবী উত্থাপন কৰা হয়। বিদ্যুৎ বিভাগৰ স্মাৰ্ট মিটাৰ সংস্থাপন প্ৰক্ৰিয়াৰ বিৰুদ্ধে গ্ৰাহকসকলে তীব্ৰ ক্ষোভ প্ৰকাশ কৰিছে। বিভিন্ন সংগঠনে অভিযোগ কৰে যে এই ব্যৱস্থা গ্ৰাহক-বিৰোধী আৰু অতিৰিক্ত বিল আদায়ৰ বাবে দায়ী। চৰকাৰে বিষয়টো পুনৰ বিবেচনা কৰিব লাগে বুলি দাবী উত্থাপন কৰা হয়। বিদ্যুৎ বিভাগৰ স্মাৰ্ট মিটাৰ সংস্থাপন প্ৰক্ৰিয়াৰ বিৰুদ্ধে গ্ৰাহকসকলে তীব্ৰ ক্ষোভ প্ৰকাশ কৰিছে। বিভিন্ন সংগঠনে অভিযোগ কৰে যে এই ব্যৱস্থা গ্ৰাহক-বিৰোধী আৰু অতিৰিক্ত বিল আদায়ৰ বাবে দায়ী। চৰকাৰে বিষয়টো পুনৰ বিবেচনা কৰিব লাগে বুলি দাবী উত্থাপন কৰা হয়। বিদ্যুৎ বিভাগৰ স্মাৰ্ট মিটাৰ সংস্থাপন প্ৰক্ৰিয়াৰ বিৰুদ্ধে গ্ৰাহকসকলে তীব্ৰ ক্ষোভ প্ৰকাশ কৰিছে। বিভিন্ন সংগঠনে অভিযোগ কৰে যে এই ব্যৱস্থা গ্ৰাহক-বিৰোধী আৰু অতিৰিক্ত বিল আদায়ৰ বাবে দায়ী। চৰকাৰে বিষয়টো পুনৰ বিবেচনা কৰিব লাগে বুলি দাবী উত্থাপন কৰা হয়। বিদ্যুৎ বিভাগৰ স্মাৰ্ট মিটাৰ সংস্থাপন প্ৰক্ৰিয়াৰ বিৰুদ্ধে গ্ৰাহকসকলে তীব্ৰ ক্ষোভ প্ৰকাশ কৰিছে। বিভিন্ন সংগঠনে অভিযোগ কৰে যে এই ব্যৱস্থা গ্ৰাহক-বিৰোধী আৰু অতিৰিক্ত বিল আদায়ৰ বাবে দায়ী। চৰকাৰে বিষয়টো পুনৰ বিবেচনা কৰিব লাগে বুলি দাবী উত্থাপন কৰা হয়। বিদ্যুৎ বিভাগৰ স্মাৰ্ট মিটাৰ সংস্থাপন প্ৰক্ৰিয়াৰ বিৰুদ্ধে গ্ৰাহকসকলে তীব্ৰ ক্ষোভ প্ৰকাশ কৰিছে। বিভিন্ন সংগঠনে অভিযোগ কৰে যে এই ব্যৱস্থা গ্ৰাহক-বিৰোধী আৰু অতিৰিক্ত বিল আদায়ৰ বাবে দায়ী। চৰকাৰে বিষয়টো পুনৰ বিবেচনা কৰিব লাগে বুলি দাবী উত্থাপন কৰা হয়। বিদ্যুৎ বিভাগৰ স্মাৰ্ট মিটাৰ সংস্থাপন প্ৰক্ৰিয়াৰ বিৰুদ্ধে গ্ৰাহকসকলে তীব্ৰ ক্ষোভ প্ৰকাশ কৰিছে। বিভিন্ন সংগঠনে অভিযোগ কৰে যে এই ব্যৱস্থা গ্ৰাহক-বিৰোধী আৰু অতিৰিক্ত বিল আদায়ৰ বাবে দায়ী। চৰকাৰে বিষয়টো পুনৰ বিবেচনা কৰিব লাগে বুলি দাবী উত্থাপন কৰা হয়। বিদ্যুৎ বিভাগৰ স্মাৰ্ট মিটাৰ সংস্থাপন প্ৰক্ৰিয়াৰ বিৰুদ্ধে গ্ৰাহকসকলে তীব্ৰ ক্ষোভ প্ৰকাশ কৰিছে। বিভিন্ন সংগঠনে অভিযোগ কৰে যে এই ব্যৱস্থা গ্ৰাহক-বিৰোধী আৰু অতিৰিক্ত বিল আদায়ৰ বাবে দায়ী। চৰকাৰে বিষয়টো পুনৰ বিবেচনা কৰিব লাগে বুলি দাবী উত্থাপন কৰা হয়। বিদ্যুৎ বিভাগৰ স্মাৰ্ট মিটাৰ সংস্থাপন প্ৰক্ৰিয়াৰ বিৰুদ্ধে গ্ৰাহকসকলে তীব্ৰ ক্ষোভ প্ৰকাশ কৰিছে। বিভিন্ন সংগঠনে অভিযোগ কৰে যে এই ব্যৱস্থা গ্ৰাহক-বিৰোধী আৰু অতিৰিক্ত বিল আদায়ৰ বাবে দায়ী। চৰকাৰে বিষয়টো পুনৰ বিবেচনা কৰিব লাগে বুলি দাবী উত্থাপন কৰা হয়। বিদ্যুৎ বিভাগৰ স্মাৰ্ট মিটাৰ সংস্থাপন প্ৰক্ৰিয়াৰ বিৰুদ্ধে গ্ৰাহকসকলে তীব্ৰ ক্ষোভ প্ৰকাশ কৰিছে। বিভিন্ন সংগঠনে অভিযোগ কৰে যে এই ব্যৱস্থা গ্ৰাহক-বিৰোধী আৰু অতিৰিক্ত বিল আদায়ৰ বাবে দায়ী। চৰকাৰে বিষয়টো পুনৰ বিবেচনা কৰিব লাগে বুলি দাবী উত্থাপন কৰা হয়। বিদ্যুৎ বিভাগৰ স্মাৰ্ট মিটাৰ সংস্থাপন প্ৰক্ৰিয়াৰ বিৰুদ্ধে গ্ৰাহকসকলে তীব্ৰ ক্ষোভ প্ৰকাশ কৰিছে। বিভিন্ন সংগঠনে অভিযোগ কৰে যে এই ব্যৱস্থা গ্ৰাহক-বিৰোধী আৰু অতিৰিক্ত বিল আদায়ৰ বাবে দায়ী। চৰকাৰে বিষয়টো পুনৰ বিবেচনা কৰিব লাগে বুলি দাবী উত্থাপন কৰা হয়। বিদ্যুৎ বিভাগৰ স্মাৰ্ট মিটাৰ সংস্থাপন প্ৰক্ৰিয়াৰ বিৰুদ্ধে গ্ৰাহকসকলে তীব্ৰ ক্ষোভ প্ৰকাশ কৰিছে। বিভিন্ন সংগঠনে অভিযোগ কৰে যে এই ব্যৱস্থা গ্ৰাহক-বিৰোধী আৰু অতিৰিক্ত বিল আদায়ৰ বাবে দায়ী। চৰকাৰে বিষয়টো পুনৰ বিবেচনা কৰিব লাগে বুলি দাবী উত্থাপন কৰা হয়। বিদ্যুৎ বিভাগৰ স্মাৰ্ট মিটাৰ সংস্থাপন প্ৰক্ৰিয়াৰ বিৰুদ্ধে গ্ৰাহকসকলে তীব্ৰ ক্ষোভ প্ৰকাশ কৰিছে। বিভিন্ন সংগঠনে অভিযোগ কৰে যে এই ব্যৱস্থা গ্ৰাহক-বিৰোধী আৰু অতিৰিক্ত বিল আদায়ৰ বাবে দায়ী। চৰকাৰে বিষয়টো পুনৰ বিবেচনা কৰিব লাগে বুলি দাবী উত্থাপন কৰা হয়।
ফৰকাটিঙত শিক্ষা মন্ত্ৰীৰ...
ফৰকাটিঙত শিক্ষা মন্ত্ৰীয়ে বিভিন্ন বিদ্যালয় পৰিদৰ্শন কৰি শিক্ষকসকলৰ সৈতে মত বিনিময় কৰে। তেওঁ শিক্ষাৰ মানদণ্ড উন্নত কৰাৰ বাবে প্ৰয়োজনীয় ব্যৱস্থা গ্ৰহণৰ আশ্বাস দিয়ে। ফৰকাটিঙত শিক্ষা মন্ত্ৰীয়ে বিভিন্ন বিদ্যালয় পৰিদৰ্শন কৰি শিক্ষকসকলৰ সৈতে মত বিনিময় কৰে। তেওঁ শিক্ষাৰ মানদণ্ড উন্নত কৰাৰ বাবে প্ৰয়োজনীয় ব্যৱস্থা গ্ৰহণৰ আশ্বাস দিয়ে। ফৰকাটিঙত শিক্ষা মন্ত্ৰীয়ে বিভিন্ন বিদ্যালয় পৰিদৰ্শন কৰি শিক্ষকসকলৰ সৈতে মত বিনিময় কৰে। তেওঁ শিক্ষাৰ মানদণ্ড উন্নত কৰাৰ বাবে প্ৰয়োজনীয় ব্যৱস্থা গ্ৰহণৰ আশ্বাস দিয়ে। ফৰকাটিঙত শিক্ষা মন্ত্ৰীয়ে বিভিন্ন বিদ্যালয় পৰিদৰ্শন কৰি শিক্ষকসকলৰ সৈতে মত বিনিময় কৰে। তেওঁ শিক্ষাৰ মানদণ্ড উন্নত কৰাৰ বাবে প্ৰয়োজনীয় ব্যৱস্থা গ্ৰহণৰ আশ্বাস দিয়ে। ফৰকাটিঙত শিক্ষা মন্ত্ৰীয়ে বিভিন্ন বিদ্যালয় পৰিদৰ্শন কৰি শিক্ষকসকলৰ সৈতে মত বিনিময় কৰে। তেওঁ শিক্ষাৰ মানদণ্ড উন্নত কৰাৰ বাবে প্ৰয়োজনীয় ব্যৱস্থা গ্ৰহণৰ আশ্বাস দিয়ে। ফৰকাটিঙত শিক্ষা মন্ত্ৰীয়ে বিভিন্ন বিদ্যালয় পৰিদৰ্শন কৰি শিক্ষকসকলৰ সৈতে মত বিনিময় কৰে। তেওঁ শিক্ষাৰ মানদণ্ড উন্নত কৰাৰ বাবে প্ৰয়োজনীয় ব্যৱস্থা গ্ৰহণৰ আশ্বাস দিয়ে। ফৰকাটিঙত শিক্ষা মন্ত্ৰীয়ে বিভিন্ন বিদ্যালয় পৰিদৰ্শন কৰি শিক্ষকসকলৰ সৈতে মত বিনিময় কৰে। তেওঁ শিক্ষাৰ মানদণ্ড উন্নত কৰাৰ বাবে প্ৰয়োজনীয় ব্যৱস্থা গ্ৰহণৰ আশ্বাস দিয়ে। ফৰকাটিঙত শিক্ষা মন্ত্ৰীয়ে বিভিন্ন বিদ্যালয় পৰিদৰ্শন কৰি শিক্ষকসকলৰ সৈতে মত বিনিময় কৰে। তেওঁ শিক্ষাৰ মানদণ্ড উন্নত কৰাৰ বাবে প্ৰয়োজনীয় ব্যৱস্থা গ্ৰহণৰ আশ্বাস দিয়ে। ফৰকাটিঙত শিক্ষা মন্ত্ৰীয়ে বিভিন্ন বিদ্যালয় পৰিদৰ্শন কৰি শিক্ষকসকলৰ সৈতে মত বিনিময় কৰে। তেওঁ শিক্ষাৰ মানদণ্ড উন্নত কৰাৰ বাবে প্ৰয়োজনীয় ব্যৱস্থা গ্ৰহণৰ আশ্বাস দিয়ে। ফৰকাটিঙত শিক্ষা মন্ত্ৰীয়ে বিভিন্ন বিদ্যালয় পৰিদৰ্শন কৰি শিক্ষকসকলৰ সৈতে মত বিনিময় কৰে। তেওঁ শিক্ষাৰ মানদণ্ড উন্নত কৰাৰ বাবে প্ৰয়োজনীয় ব্যৱস্থা গ্ৰহণৰ আশ্বাস দিয়ে। ফৰকাটিঙত শিক্ষা মন্ত্ৰীয়ে বিভিন্ন বিদ্যালয় পৰিদৰ্শন কৰি শিক্ষকসকলৰ সৈতে মত বিনিময় কৰে। তেওঁ শিক্ষাৰ মানদণ্ড উন্নত কৰাৰ বাবে প্ৰয়োজনীয় ব্যৱস্থা গ্ৰহণৰ আশ্বাস দিয়ে। ফৰকাটিঙত শিক্ষা মন্ত্ৰীয়ে বিভিন্ন বিদ্যালয় পৰিদৰ্শন কৰি শিক্ষকসকলৰ সৈতে মত বিনিময় কৰে। তেওঁ শিক্ষাৰ মানদণ্ড উন্নত কৰাৰ বাবে প্ৰয়োজনীয় ব্যৱস্থা গ্ৰহণৰ আশ্বাস দিয়ে। ফৰকাটিঙত শিক্ষা মন্ত্ৰীয়ে বিভিন্ন বিদ্যালয় পৰিদৰ্শন কৰি শিক্ষকসকলৰ সৈতে মত বিনিময় কৰে। তেওঁ শিক্ষাৰ মানদণ্ড উন্নত কৰাৰ বাবে প্ৰয়োজনীয় ব্যৱস্থা গ্ৰহণৰ আশ্বাস দিয়ে।
জ্যেষ্ঠ ভাতৃক দাৰে...
পাৰিবাৰিক কাজিয়াৰ জেৰত এজন যুৱকে নিজৰ জ্যেষ্ঠ ভাতৃক দাৰে আক্ৰমণ কৰে। আৰক্ষীয়ে অভিযুক্তক আটক কৰিছে। পাৰিবাৰিক কাজিয়াৰ জেৰত এজন যুৱকে নিজৰ জ্যেষ্ঠ ভাতৃক দাৰে আক্ৰমণ কৰে। আৰক্ষীয়ে অভিযুক্তক আটক কৰিছে। পাৰিবাৰিক কাজিয়াৰ জেৰত এজন যুৱকে নিজৰ জ্যেষ্ঠ ভাতৃক দাৰে আক্ৰমণ কৰে। আৰক্ষীয়ে অভিযুক্তক আটক কৰিছে।
গুৱাহাটীত 'কমলা'...
গুৱাহাটীত এক বিশেষ অনুষ্ঠানৰ জৰিয়তে 'কমলা' নামৰ নতুন প্ৰকল্পৰ শুভাৰম্ভ কৰা হয়। অনুষ্ঠানত বহু বিশিষ্ট ব্যক্তি উপস্থিত আছিল। গুৱাহাটীত এক বিশেষ অনুষ্ঠানৰ জৰিয়তে 'কমলা' নামৰ নতুন প্ৰকল্পৰ শুভাৰম্ভ কৰা হয়। অনুষ্ঠানত বহু বিশিষ্ট ব্যক্তি উপস্থিত আছিল। গুৱাহাটীত এক বিশেষ অনুষ্ঠানৰ জৰিয়তে 'কমলা' নামৰ নতুন প্ৰকল্পৰ শুভাৰম্ভ কৰা হয়। অনুষ্ঠানত বহু বিশিষ্ট ব্যক্তি উপস্থিত আছিল। গুৱাহাটীত এক বিশেষ অনুষ্ঠানৰ জৰিয়তে 'কমলা' নামৰ নতুন প্ৰকল্পৰ শুভাৰম্ভ কৰা হয়। অনুষ্ঠানত বহু বিশিষ্ট ব্যক্তি উপস্থিত আছিল।
'অভাৰলেপিং'ৰ বাবে...
অভাৰলেপিং নামৰ নতুন নিয়মৰ বাবে বহু সংখ্যক পৰীক্ষাৰ্থী বঞ্চিত হোৱাৰ অভিযোগ উত্থাপিত হৈছে। ছাত্ৰ সংগঠনসমূহে এই নিয়ম প্ৰত্যাহাৰৰ দাবী জনাইছে আৰু বিষয়টো উচ্চ কৰ্তৃপক্ষৰ গোচৰলৈ নিয়াৰ সিদ্ধান্ত লৈছে। অভাৰলেপিং নামৰ নতুন নিয়মৰ বাবে বহু সংখ্যক পৰীক্ষাৰ্থী বঞ্চিত হোৱাৰ অভিযোগ উত্থাপিত হৈছে। ছাত্ৰ সংগঠনসমূহে এই নিয়ম প্ৰত্যাহাৰৰ দাবী জনাইছে আৰু বিষয়টো উচ্চ কৰ্তৃপক্ষৰ গোচৰলৈ নিয়াৰ সিদ্ধান্ত লৈছে। অভাৰলেপিং নামৰ নতুন নিয়মৰ বাবে বহু সংখ্যক পৰীক্ষাৰ্থী বঞ্চিত হোৱাৰ অভিযোগ উত্থাপিত হৈছে। ছাত্ৰ সংগঠনসমূহে এই নিয়ম প্ৰত্যাহাৰৰ দাবী জনাইছে আৰু বিষয়টো উচ্চ কৰ্তৃপক্ষৰ গোচৰলৈ নিয়াৰ সিদ্ধান্ত লৈছে। অভাৰলেপিং নামৰ নতুন নিয়মৰ বাবে বহু সংখ্যক পৰীক্ষাৰ্থী বঞ্চিত হোৱাৰ অভিযোগ উত্থাপিত হৈছে। ছাত্ৰ সংগঠনসমূহে এই নিয়ম প্ৰত্যাহাৰৰ দাবী জনাইছে আৰু বিষয়টো উচ্চ কৰ্তৃপক্ষৰ গোচৰলৈ নিয়াৰ সিদ্ধান্ত লৈছে। অভাৰলেপিং নামৰ নতুন নিয়মৰ বাবে বহু সংখ্যক পৰীক্ষাৰ্থী বঞ্চিত হোৱাৰ অভিযোগ উত্থাপিত হৈছে। ছাত্ৰ সংগঠনসমূহে এই নিয়ম প্ৰত্যাহাৰৰ দাবী জনাইছে আৰু বিষয়টো উচ্চ কৰ্তৃপক্ষৰ গোচৰলৈ নিয়াৰ সিদ্ধান্ত লৈছে। অভাৰলেপিং নামৰ নতুন নিয়মৰ বাবে বহু সংখ্যক পৰীক্ষাৰ্থী বঞ্চিত হোৱাৰ অভিযোগ উত্থাপিত হৈছে। ছাত্ৰ সংগঠনসমূহে এই নিয়ম প্ৰত্যাহাৰৰ দাবী জনাইছে আৰু বিষয়টো উচ্চ কৰ্তৃপক্ষৰ গোচৰলৈ নিয়াৰ সিদ্ধান্ত লৈছে। অভাৰলেপিং নামৰ নতুন নিয়মৰ বাবে বহু সংখ্যক পৰীক্ষাৰ্থী বঞ্চিত হোৱাৰ অভিযোগ উত্থাপিত হৈছে। ছাত্ৰ সংগঠনসমূহে এই নিয়ম প্ৰত্যাহাৰৰ দাবী জনাইছে আৰু বিষয়টো উচ্চ কৰ্তৃপক্ষৰ গোচৰলৈ নিয়াৰ সিদ্ধান্ত লৈছে। অভাৰলেপিং নামৰ নতুন নিয়মৰ বাবে বহু সংখ্যক পৰীক্ষাৰ্থী বঞ্চিত হোৱাৰ অভিযোগ উত্থাপিত হৈছে। ছাত্ৰ সংগঠনসমূহে এই নিয়ম প্ৰত্যাহাৰৰ দাবী জনাইছে আৰু বিষয়টো উচ্চ কৰ্তৃপক্ষৰ গোচৰলৈ নিয়াৰ সিদ্ধান্ত লৈছে। অভাৰলেপিং নামৰ নতুন নিয়মৰ বাবে বহু সংখ্যক পৰীক্ষাৰ্থী বঞ্চিত হোৱাৰ অভিযোগ উত্থাপিত হৈছে। ছাত্ৰ সংগঠনসমূহে এই নিয়ম প্ৰত্যাহাৰৰ দাবী জনাইছে আৰু বিষয়টো উচ্চ কৰ্তৃপক্ষৰ গোচৰলৈ নিয়াৰ সিদ্ধান্ত লৈছে। অভাৰলেপিং নামৰ নতুন নিয়মৰ বাবে বহু সংখ্যক পৰীক্ষাৰ্থী বঞ্চিত হোৱাৰ অভিযোগ উত্থাপিত হৈছে। ছাত্ৰ সংগঠনসমূহে এই নিয়ম প্ৰত্যাহাৰৰ দাবী জনাইছে আৰু বিষয়টো উচ্চ কৰ্তৃপক্ষৰ গোচৰলৈ নিয়াৰ সিদ্ধান্ত লৈছে। অভাৰলেপিং নামৰ নতুন নিয়মৰ বাবে বহু সংখ্যক পৰীক্ষাৰ্থী বঞ্চিত হোৱাৰ অভিযোগ উত্থাপিত হৈছে। ছাত্ৰ সংগঠনসমূহে এই নিয়ম প্ৰত্যাহাৰৰ দাবী জনাইছে আৰু বিষয়টো উচ্চ কৰ্তৃপক্ষৰ গোচৰলৈ নিয়াৰ সিদ্ধান্ত লৈছে। অভাৰলেপিং নামৰ নতুন নিয়মৰ বাবে বহু সংখ্যক পৰীক্ষাৰ্থী বঞ্চিত হোৱাৰ অভিযোগ উত্থাপিত হৈছে। ছাত্ৰ সংগঠনসমূহে এই নিয়ম প্ৰত্যাহাৰৰ দাবী জনাইছে আৰু বিষয়টো উচ্চ কৰ্তৃপক্ষৰ গোচৰলৈ নিয়াৰ সিদ্ধান্ত লৈছে। অভাৰলেপিং নামৰ নতুন নিয়মৰ বাবে বহু সংখ্যক পৰীক্ষাৰ্থী বঞ্চিত হোৱাৰ অভিযোগ উত্থাপিত হৈছে। ছাত্ৰ সংগঠনসমূহে এই নিয়ম প্ৰত্যাহাৰৰ দাবী জনাইছে আৰু বিষয়টো উচ্চ কৰ্তৃপক্ষৰ গোচৰলৈ নিয়াৰ সিদ্ধান্ত লৈছে। অভাৰলেপিং নামৰ নতুন নিয়মৰ বাবে বহু সংখ্যক পৰীক্ষাৰ্থী বঞ্চিত হোৱাৰ অভিযোগ উত্থাপিত হৈছে। ছাত্ৰ সংগঠনসমূহে এই নিয়ম প্ৰত্যাহাৰৰ দাবী জনাইছে আৰু বিষয়টো উচ্চ কৰ্তৃপক্ষৰ গোচৰলৈ নিয়াৰ সিদ্ধান্ত লৈছে। অভাৰলেপিং নামৰ নতুন নিয়মৰ বাবে বহু সংখ্যক পৰীক্ষাৰ্থী বঞ্চিত হোৱাৰ অভিযোগ উত্থাপিত হৈছে। ছাত্ৰ সংগঠনসমূহে এই নিয়ম প্ৰত্যাহাৰৰ দাবী জনাইছে আৰু বিষয়টো উচ্চ কৰ্তৃপক্ষৰ গোচৰলৈ নিয়াৰ সিদ্ধান্ত লৈছে। অভাৰলেপিং নামৰ নতুন নিয়মৰ বাবে বহু সংখ্যক পৰীক্ষাৰ্থী বঞ্চিত হোৱাৰ অভিযোগ উত্থাপিত হৈছে। ছাত্ৰ সংগঠনসমূহে এই নিয়ম প্ৰত্যাহাৰৰ দাবী জনাইছে আৰু বিষয়টো উচ্চ কৰ্তৃপক্ষৰ গোচৰলৈ নিয়াৰ সিদ্ধান্ত লৈছে। অভাৰলেপিং নামৰ নতুন নিয়মৰ বাবে বহু সংখ্যক পৰীক্ষাৰ্থী বঞ্চিত হোৱাৰ অভিযোগ উত্থাপিত হৈছে। ছাত্ৰ সংগঠনসমূহে এই নিয়ম প্ৰত্যাহাৰৰ দাবী জনাইছে আৰু বিষয়টো উচ্চ কৰ্তৃপক্ষৰ গোচৰলৈ নিয়াৰ সিদ্ধান্ত লৈছে। অভাৰলেপিং নামৰ নতুন নিয়মৰ বাবে বহু সংখ্যক পৰীক্ষাৰ্থী বঞ্চিত হোৱাৰ অভিযোগ উত্থাপিত হৈছে। ছাত্ৰ সংগঠনসমূহে এই নিয়ম প্ৰত্যাহাৰৰ দাবী জনাইছে আৰু বিষয়টো উচ্চ কৰ্তৃপক্ষৰ গোচৰলৈ নিয়াৰ সিদ্ধান্ত লৈছে। অভাৰলেপিং নামৰ নতুন নিয়মৰ বাবে বহু সংখ্যক পৰীক্ষাৰ্থী বঞ্চিত হোৱাৰ অভিযোগ উত্থাপিত হৈছে। ছাত্ৰ সংগঠনসমূহে এই নিয়ম প্ৰত্যাহাৰৰ দাবী জনাইছে আৰু বিষয়টো উচ্চ কৰ্তৃপক্ষৰ গোচৰলৈ নিয়াৰ সিদ্ধান্ত লৈছে। অভাৰলেপিং নামৰ নতুন নিয়মৰ বাবে বহু সংখ্যক পৰীক্ষাৰ্থী বঞ্চিত হোৱাৰ অভিযোগ উত্থাপিত হৈছে। ছাত্ৰ সংগঠনসমূহে এই নিয়ম প্ৰত্যাহাৰৰ দাবী জনাইছে আৰু বিষয়টো উচ্চ কৰ্তৃপক্ষৰ গোচৰলৈ নিয়াৰ সিদ্ধান্ত লৈছে।
'শিক্ষকৰ উন্নত চিন্তা-চৰ্চা...'
শিক্ষকসকলৰ উন্নত চিন্তা-চৰ্চাৰ জৰিয়তেহে শিক্ষাৰ মান উন্নত হ'ব বুলি এখন আলোচনা সভাত বক্তাসকলে মত প্ৰকাশ কৰে। বিশ্ববিদ্যালয়ৰ অধ্যাপকসকলে সভাত অংশগ্ৰহণ কৰি নতুন শিক্ষা নীতিৰ বিষয়ে আলোচনা কৰে। শিক্ষকসকলৰ উন্নত চিন্তা-চৰ্চাৰ জৰিয়তেহে শিক্ষাৰ মান উন্নত হ'ব বুলি এখন আলোচনা সভাত বক্তাসকলে মত প্ৰকাশ কৰে। বিশ্ববিদ্যালয়ৰ অধ্যাপকসকলে সভাত অংশগ্ৰহণ কৰি নতুন শিক্ষা নীতিৰ বিষয়ে আলোচনা কৰে। শিক্ষকসকলৰ উন্নত চিন্তা-চৰ্চাৰ জৰিয়তেহে শিক্ষাৰ মান উন্নত হ'ব বুলি এখন আলোচনা সভাত বক্তাসকলে মত প্ৰকাশ কৰে। বিশ্ববিদ্যালয়ৰ অধ্যাপকসকলে সভাত অংশগ্ৰহণ কৰি নতুন শিক্ষা নীতিৰ বিষয়ে আলোচনা কৰে। শিক্ষকসকলৰ উন্নত চিন্তা-চৰ্চাৰ জৰিয়তেহে শিক্ষাৰ মান উন্নত হ'ব বুলি এখন আলোচনা সভাত বক্তাসকলে মত প্ৰকাশ কৰে। বিশ্ববিদ্যালয়ৰ অধ্যাপকসকলে সভাত অংশগ্ৰহণ কৰি নতুন শিক্ষা নীতিৰ বিষয়ে আলোচনা কৰে। শিক্ষকসকলৰ উন্নত চিন্তা-চৰ্চাৰ জৰিয়তেহে শিক্ষাৰ মান উন্নত হ'ব বুলি এখন আলোচনা সভাত বক্তাসকলে মত প্ৰকাশ কৰে। বিশ্ববিদ্যালয়ৰ অধ্যাপকসকলে সভাত অংশগ্ৰহণ কৰি নতুন শিক্ষা নীতিৰ বিষয়ে আলোচনা কৰে। শিক্ষকসকলৰ উন্নত চিন্তা-চৰ্চাৰ জৰিয়তেহে শিক্ষাৰ মান উন্নত হ'ব বুলি এখন আলোচনা সভাত বক্তাসকলে মত প্ৰকাশ কৰে। বিশ্ববিদ্যালয়ৰ অধ্যাপকসকলে সভাত অংশগ্ৰহণ কৰি নতুন শিক্ষা নীতিৰ বিষয়ে আলোচনা কৰে। শিক্ষকসকলৰ উন্নত চিন্তা-চৰ্চাৰ জৰিয়তেহে শিক্ষাৰ মান উন্নত হ'ব বুলি এখন আলোচনা সভাত বক্তাসকলে মত প্ৰকাশ কৰে। বিশ্ববিদ্যালয়ৰ অধ্যাপকসকলে সভাত অংশগ্ৰহণ কৰি নতুন শিক্ষা নীতিৰ বিষয়ে আলোচনা কৰে। শিক্ষকসকলৰ উন্নত চিন্তা-চৰ্চাৰ জৰিয়তেহে শিক্ষাৰ মান উন্নত হ'ব বুলি এখন আলোচনা সভাত বক্তাসকলে মত প্ৰকাশ কৰে। বিশ্ববিদ্যালয়ৰ অধ্যাপকসকলে সভাত অংশগ্ৰহণ কৰি নতুন শিক্ষা নীতিৰ বিষয়ে আলোচনা কৰে। শিক্ষকসকলৰ উন্নত চিন্তা-চৰ্চাৰ জৰিয়তেহে শিক্ষাৰ মান উন্নত হ'ব বুলি এখন আলোচনা সভাত বক্তাসকলে মত প্ৰকাশ কৰে। বিশ্ববিদ্যালয়ৰ অধ্যাপকসকলে সভাত অংশগ্ৰহণ কৰি নতুন শিক্ষা নীতিৰ বিষয়ে আলোচনা কৰে। শিক্ষকসকলৰ উন্নত চিন্তা-চৰ্চাৰ জৰিয়তেহে শিক্ষাৰ মান উন্নত হ'ব বুলি এখন আলোচনা সভাত বক্তাসকলে মত প্ৰকাশ কৰে। বিশ্ববিদ্যালয়ৰ অধ্যাপকসকলে সভাত অংশগ্ৰহণ কৰি নতুন শিক্ষা নীতিৰ বিষয়ে আলোচনা কৰে। শিক্ষকসকলৰ উন্নত চিন্তা-চৰ্চাৰ জৰিয়তেহে শিক্ষাৰ মান উন্নত হ'ব বুলি এখন আলোচনা সভাত বক্তাসকলে মত প্ৰকাশ কৰে। বিশ্ববিদ্যালয়ৰ অধ্যাপকসকলে সভাত অংশগ্ৰহণ কৰি নতুন শিক্ষা নীতিৰ বিষয়ে আলোচনা কৰে। শিক্ষকসকলৰ উন্নত চিন্তা-চৰ্চাৰ জৰিয়তেহে শিক্ষাৰ মান উন্নত হ'ব বুলি এখন আলোচনা সভাত বক্তাসকলে মত প্ৰকাশ কৰে। বিশ্ববিদ্যালয়ৰ অধ্যাপকসকলে সভাত অংশগ্ৰহণ কৰি নতুন শিক্ষা নীতিৰ বিষয়ে আলোচনা কৰে। শিক্ষকসকলৰ উন্নত চিন্তা-চৰ্চাৰ জৰিয়তেহে শিক্ষাৰ মান উন্নত হ'ব বুলি এখন আলোচনা সভাত বক্তাসকলে মত প্ৰকাশ কৰে। বিশ্ববিদ্যালয়ৰ অধ্যাপকসকলে সভাত অংশগ্ৰহণ কৰি নতুন শিক্ষা নীতিৰ বিষয়ে আলোচনা কৰে। শিক্ষকসকলৰ উন্নত চিন্তা-চৰ্চাৰ জৰিয়তেহে শিক্ষাৰ মান উন্নত হ'ব বুলি এখন আলোচনা সভাত বক্তাসকলে মত প্ৰকাশ কৰে। বিশ্ববিদ্যালয়ৰ অধ্যাপকসকলে সভাত অংশগ্ৰহণ কৰি নতুন শিক্ষা নীতিৰ বিষয়ে আলোচনা কৰে। শিক্ষকসকলৰ উন্নত চিন্তা-চৰ্চাৰ জৰিয়তেহে শিক্ষাৰ মান উন্নত হ'ব বুলি এখন আলোচনা সভাত বক্তাসকলে মত প্ৰকাশ কৰে। বিশ্ববিদ্যালয়ৰ অধ্যাপকসকলে সভাত অংশগ্ৰহণ কৰি নতুন শিক্ষা নীতিৰ বিষয়ে আলোচনা কৰে। শিক্ষকসকলৰ উন্নত চিন্তা-চৰ্চাৰ জৰিয়তেহে শিক্ষাৰ মান উন্নত হ'ব বুলি এখন আলোচনা সভাত বক্তাসকলে মত প্ৰকাশ কৰে। বিশ্ববিদ্যালয়ৰ অধ্যাপকসকলে সভাত অংশগ্ৰহণ কৰি নতুন শিক্ষা নীতিৰ বিষয়ে আলোচনা কৰে। শিক্ষকসকলৰ উন্নত চিন্তা-চৰ্চাৰ জৰিয়তেহে শিক্ষাৰ মান উন্নত হ'ব বুলি এখন আলোচনা সভাত বক্তাসকলে মত প্ৰকাশ কৰে। বিশ্ববিদ্যালয়ৰ অধ্যাপকসকলে সভাত অংশগ্ৰহণ কৰি নতুন শিক্ষা নীতিৰ বিষয়ে আলোচনা কৰে। শিক্ষকসকলৰ উন্নত চিন্তা-চৰ্চাৰ জৰিয়তেহে শিক্ষাৰ মান উন্নত হ'ব বুলি এখন আলোচনা সভাত বক্তাসকলে মত প্ৰকাশ কৰে। বিশ্ববিদ্যালয়ৰ অধ্যাপকসকলে সভাত অংশগ্ৰহণ কৰি নতুন শিক্ষা নীতিৰ বিষয়ে আলোচনা কৰে।
পুনৰ নিবিদা প্ৰক্ৰিয়াৰ...
প্ৰকল্পটোৰ কামৰ অগ্ৰগতি সন্তোষজনক নোহোৱাত কৰ্তৃপক্ষই পুনৰ নিবিদা প্ৰক্ৰিয়া আৰম্ভ কৰাৰ সিদ্ধান্ত লৈছে। স্থানীয় ৰাইজে অতি সোনকালে কাম সম্পূৰ্ণ কৰাৰ দাবী জনাইছে। প্ৰকল্পটোৰ কামৰ অগ্ৰগতি সন্তোষজনক নোহোৱাত কৰ্তৃপক্ষই পুনৰ নিবিদা প্ৰক্ৰিয়া আৰম্ভ কৰাৰ সিদ্ধান্ত লৈছে। স্থানীয় ৰাইজে অতি সোনকালে কাম সম্পূৰ্ণ কৰাৰ দাবী জনাইছে। প্ৰকল্পটোৰ কামৰ অগ্ৰগতি সন্তোষজনক নোহোৱাত কৰ্তৃপক্ষই পুনৰ নিবিদা প্ৰক্ৰিয়া আৰম্ভ কৰাৰ সিদ্ধান্ত লৈছে। স্থানীয় ৰাইজে অতি সোনকালে কাম সম্পূৰ্ণ কৰাৰ দাবী জনাইছে। প্ৰকল্পটোৰ কামৰ অগ্ৰগতি সন্তোষজনক নোহোৱাত কৰ্তৃপক্ষই পুনৰ নিবিদা প্ৰক্ৰিয়া আৰম্ভ কৰাৰ সিদ্ধান্ত লৈছে। স্থানীয় ৰাইজে অতি সোনকালে কাম সম্পূৰ্ণ কৰাৰ দাবী জনাইছে। প্ৰকল্পটোৰ কামৰ অগ্ৰগতি সন্তোষজনক নোহোৱাত কৰ্তৃপক্ষই পুনৰ নিবিদা প্ৰক্ৰিয়া আৰম্ভ কৰাৰ সিদ্ধান্ত লৈছে। স্থানীয় ৰাইজে অতি সোনকালে কাম সম্পূৰ্ণ কৰাৰ দাবী জনাইছে। প্ৰকল্পটোৰ কামৰ অগ্ৰগতি সন্তোষজনক নোহোৱাত কৰ্তৃপক্ষই পুনৰ নিবিদা প্ৰক্ৰিয়া আৰম্ভ কৰাৰ সিদ্ধান্ত লৈছে। স্থানীয় ৰাইজে অতি সোনকালে কাম সম্পূৰ্ণ কৰাৰ দাবী জনাইছে। প্ৰকল্পটোৰ কামৰ অগ্ৰগতি সন্তোষজনক নোহোৱাত কৰ্তৃপক্ষই পুনৰ নিবিদা প্ৰক্ৰিয়া আৰম্ভ কৰাৰ সিদ্ধান্ত লৈছে। স্থানীয় ৰাইজে অতি সোনকালে কাম সম্পূৰ্ণ কৰাৰ দাবী জনাইছে। প্ৰকল্পটোৰ কামৰ অগ্ৰগতি সন্তোষজনক নোহোৱাত কৰ্তৃপক্ষই পুনৰ নিবিদা প্ৰক্ৰিয়া আৰম্ভ কৰাৰ সিদ্ধান্ত লৈছে। স্থানীয় ৰাইজে অতি সোনকালে কাম সম্পূৰ্ণ কৰাৰ দাবী জনাইছে। প্ৰকল্পটোৰ কামৰ অগ্ৰগতি সন্তোষজনক নোহোৱাত কৰ্তৃপক্ষই পুনৰ নিবিদা প্ৰক্ৰিয়া আৰম্ভ কৰাৰ সিদ্ধান্ত লৈছে। স্থানীয় ৰাইজে অতি সোনকালে কাম সম্পূৰ্ণ কৰাৰ দাবী জনাইছে। প্ৰকল্পটোৰ কামৰ অগ্ৰগতি সন্তোষজনক নোহোৱাত কৰ্তৃপক্ষই পুনৰ নিবিদা প্ৰক্ৰিয়া আৰম্ভ কৰাৰ সিদ্ধান্ত লৈছে। স্থানীয় ৰাইজে অতি সোনকালে কাম সম্পূৰ্ণ কৰাৰ দাবী জনাইছে। প্ৰকল্পটোৰ কামৰ অগ্ৰগতি সন্তোষজনক নোহোৱাত কৰ্তৃপক্ষই পুনৰ নিবিদা প্ৰক্ৰিয়া আৰম্ভ কৰাৰ সিদ্ধান্ত লৈছে। স্থানীয় ৰাইজে অতি সোনকালে কাম সম্পূৰ্ণ কৰাৰ দাবী জনাইছে। প্ৰকল্পটোৰ কামৰ অগ্ৰগতি সন্তোষজনক নোহোৱাত কৰ্তৃপক্ষই পুনৰ নিবিদা প্ৰক্ৰিয়া আৰম্ভ কৰাৰ সিদ্ধান্ত লৈছে। স্থানীয় ৰাইজে অতি সোনকালে কাম সম্পূৰ্ণ কৰাৰ দাবী জনাইছে। প্ৰকল্পটোৰ কামৰ অগ্ৰগতি সন্তোষজনক নোহোৱাত কৰ্তৃপক্ষই পুনৰ নিবিদা প্ৰক্ৰিয়া আৰম্ভ কৰাৰ সিদ্ধান্ত লৈছে। স্থানীয় ৰাইজে অতি সোনকালে কাম সম্পূৰ্ণ কৰাৰ দাবী জনাইছে। প্ৰকল্পটোৰ কামৰ অগ্ৰগতি সন্তোষজনক নোহোৱাত কৰ্তৃপক্ষই পুনৰ নিবিদা প্ৰক্ৰিয়া আৰম্ভ কৰাৰ সিদ্ধান্ত লৈছে। স্থানীয় ৰাইজে অতি সোনকালে কাম সম্পূৰ্ণ কৰাৰ দাবী জনাইছে।
